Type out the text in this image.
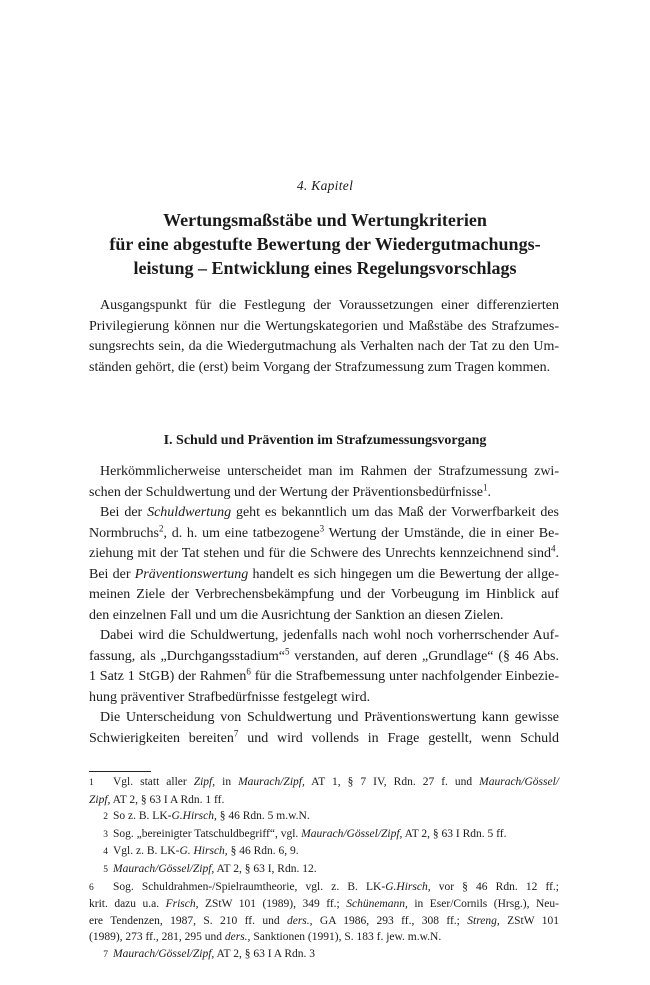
4. Kapitel
Wertungsmaßstäbe und Wertungkriterien
für eine abgestufte Bewertung der Wiedergutmachungs-
leistung – Entwicklung eines Regelungsvorschlags

Ausgangspunkt für die Festlegung der Voraussetzungen einer differenzierten
Privilegierung können nur die Wertungskategorien und Maßstäbe des Strafzumes-
sungsrechts sein, da die Wiedergutmachung als Verhalten nach der Tat zu den Um-
ständen gehört, die (erst) beim Vorgang der Strafzumessung zum Tragen kommen.

I. Schuld und Prävention im Strafzumessungsvorgang

Herkömmlicherweise unterscheidet man im Rahmen der Strafzumessung zwi-
schen der Schuldwertung und der Wertung der Präventionsbedürfnisse$^1$.

Bei der Schuldwertung geht es bekanntlich um das Maß der Vorwerfbarkeit des
Normbruchs$^2$, d. h. um eine tatbezogene$^3$ Wertung der Umstände, die in einer Be-
ziehung mit der Tat stehen und für die Schwere des Unrechts kennzeichnend sind$^4$.
Bei der Präventionswertung handelt es sich hingegen um die Bewertung der allge-
meinen Ziele der Verbrechensbekämpfung und der Vorbeugung im Hinblick auf
den einzelnen Fall und um die Ausrichtung der Sanktion an diesen Zielen.

Dabei wird die Schuldwertung, jedenfalls nach wohl noch vorherrschender Auf-
fassung, als „Durchgangsstadium“$^5$ verstanden, auf deren „Grundlage“ (§ 46 Abs.
1 Satz 1 StGB) der Rahmen$^6$ für die Strafbemessung unter nachfolgender Einbezie-
hung präventiver Strafbedürfnisse festgelegt wird.

Die Unterscheidung von Schuldwertung und Präventionswertung kann gewisse
Schwierigkeiten bereiten$^7$ und wird vollends in Frage gestellt, wenn Schuld

1 Vgl. statt aller Zipf, in Maurach/Zipf, AT 1, § 7 IV, Rdn. 27 f. und Maurach/Gössel/
Zipf, AT 2, § 63 I A Rdn. 1 ff.
2 So z. B. LK-G.Hirsch, § 46 Rdn. 5 m.w.N.
3 Sog. „bereinigter Tatschuldbegriff“, vgl. Maurach/Gössel/Zipf, AT 2, § 63 I Rdn. 5 ff.
4 Vgl. z. B. LK-G. Hirsch, § 46 Rdn. 6, 9.
5 Maurach/Gössel/Zipf, AT 2, § 63 I, Rdn. 12.
6 Sog. Schuldrahmen-/Spielraumtheorie, vgl. z. B. LK-G.Hirsch, vor § 46 Rdn. 12 ff.;
krit. dazu u.a. Frisch, ZStW 101 (1989), 349 ff.; Schünemann, in Eser/Cornils (Hrsg.), Neu-
ere Tendenzen, 1987, S. 210 ff. und ders., GA 1986, 293 ff., 308 ff.; Streng, ZStW 101
(1989), 273 ff., 281, 295 und ders., Sanktionen (1991), S. 183 f. jew. m.w.N.
7 Maurach/Gössel/Zipf, AT 2, § 63 I A Rdn. 3
